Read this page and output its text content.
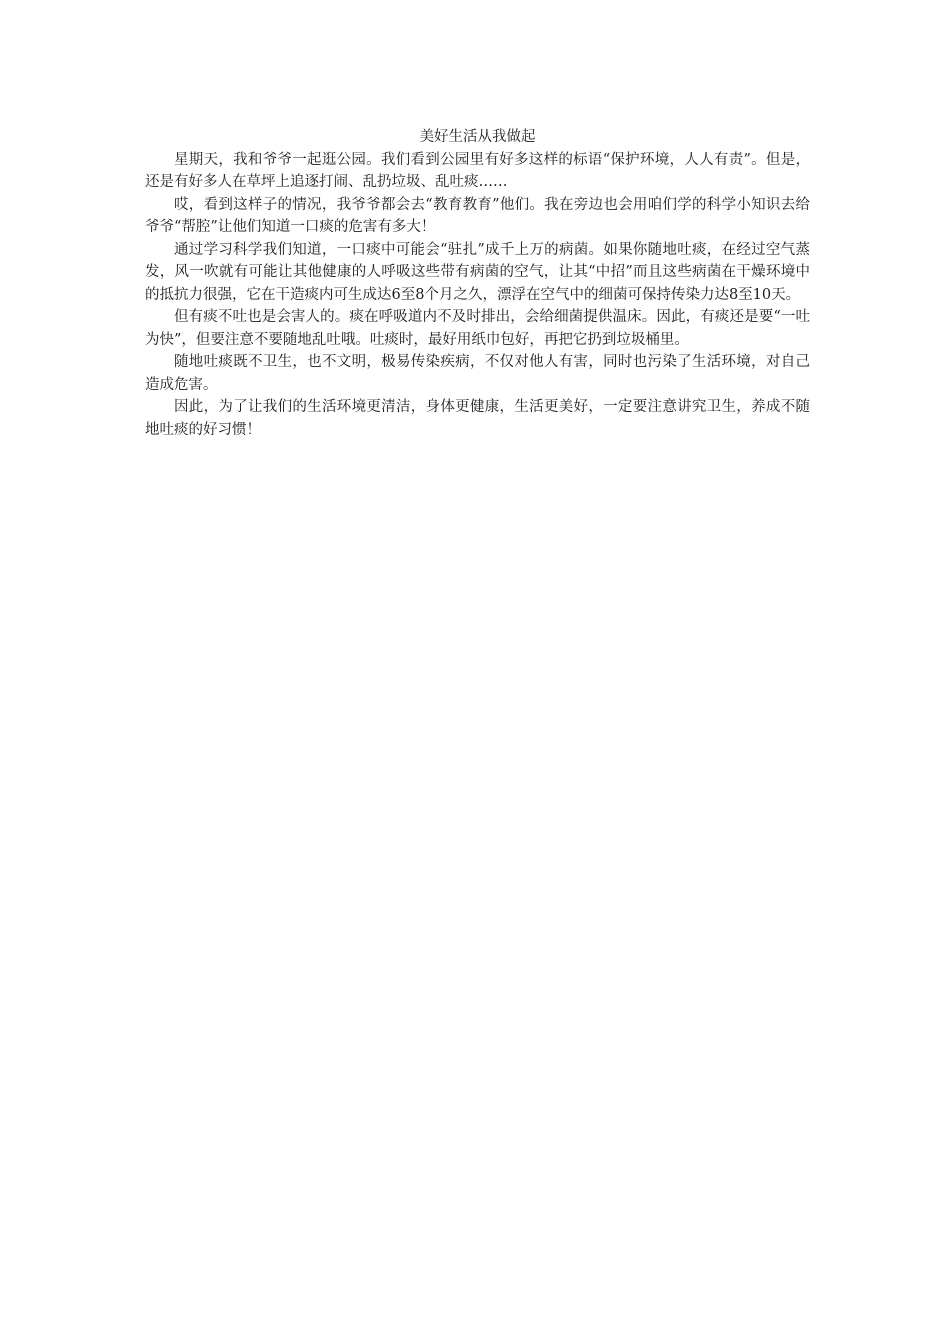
美好生活从我做起

星期天，我和爷爷一起逛公园。我们看到公园里有好多这样的标语“保护环境，人人有责”。但是，还是有好多人在草坪上追逐打闹、乱扔垃圾、乱吐痰……

哎，看到这样子的情况，我爷爷都会去“教育教育”他们。我在旁边也会用咱们学的科学小知识去给爷爷“帮腔”让他们知道一口痰的危害有多大！

通过学习科学我们知道，一口痰中可能会“驻扎”成千上万的病菌。如果你随地吐痰，在经过空气蒸发，风一吹就有可能让其他健康的人呼吸这些带有病菌的空气，让其“中招”而且这些病菌在干燥环境中的抵抗力很强，它在干造痰内可生成达6至8个月之久，漂浮在空气中的细菌可保持传染力达8至10天。

但有痰不吐也是会害人的。痰在呼吸道内不及时排出，会给细菌提供温床。因此，有痰还是要“一吐为快”，但要注意不要随地乱吐哦。吐痰时，最好用纸巾包好，再把它扔到垃圾桶里。

随地吐痰既不卫生，也不文明，极易传染疾病，不仅对他人有害，同时也污染了生活环境，对自己造成危害。

因此，为了让我们的生活环境更清洁，身体更健康，生活更美好，一定要注意讲究卫生，养成不随地吐痰的好习惯！
